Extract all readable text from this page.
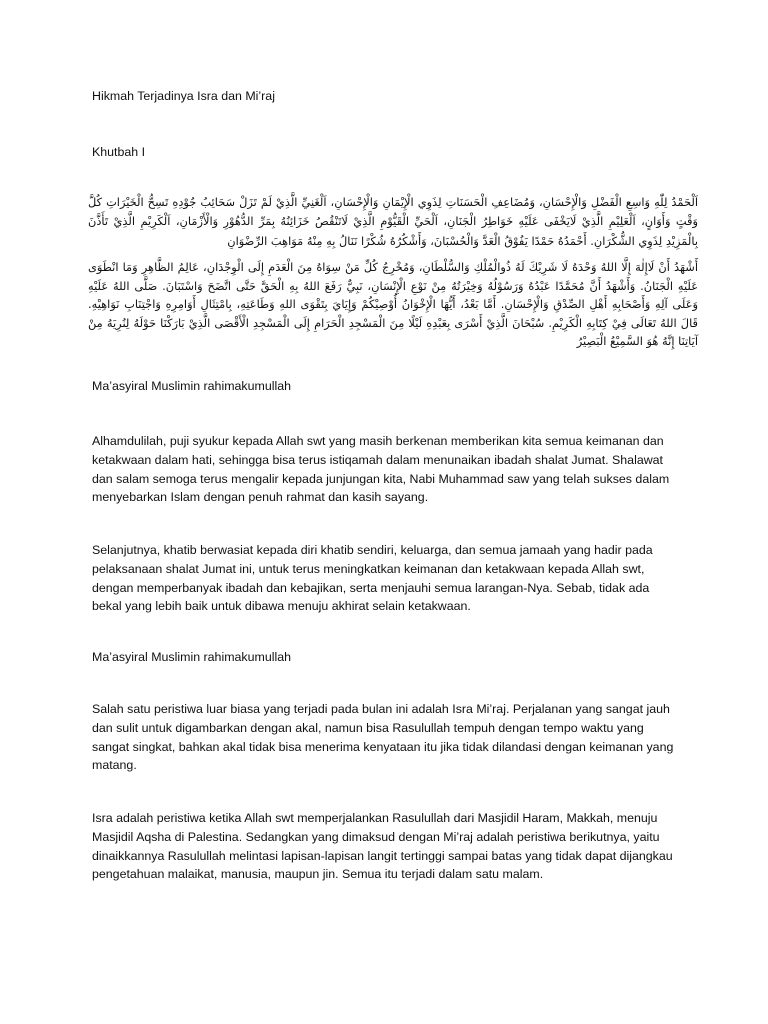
Hikmah Terjadinya Isra dan Mi’raj

Khutbah I

اَلْحَمْدُ لِلّٰهِ وَاسِعِ الْفَضْلِ وَالْإِحْسَانِ، وَمُضَاعِفِ الْحَسَنَاتِ لِذَوِي الْإِيْمَانِ وَالْإِحْسَانِ، اَلْغَنِيِّ الَّذِيْ لَمْ تَزَلْ سَحَائِبُ جُوْدِهِ تَسِحُّ الْخَيْرَاتِ كُلَّ وَقْتٍ وَأَوَانٍ، اَلْعَلِيْمِ الَّذِيْ لَايَخْفَى عَلَيْهِ خَوَاطِرُ الْجَنَانِ، اَلْحَيِّ الْقَيُّوْمِ الَّذِيْ لَاتَنْقُصُ خَزَائِنُهُ بِمَرِّ الدُّهُوْرِ وَالْأَزْمَانِ، اَلْكَرِيْمِ الَّذِيْ تَأَذَّنَ بِالْمَزِيْدِ لِذَوِي الشُّكْرَانِ. أَحْمَدُهُ حَمْدًا يَفُوْقُ الْعَدَّ وَالْحُسْبَانَ، وَأَشْكُرُهُ شُكْرًا نَنَالُ بِهِ مِنْهُ مَوَاهِبَ الرِّضْوَانِ

أَشْهَدُ أَنْ لَاإِلٰهَ إِلَّا اللهُ وَحْدَهُ لَا شَرِيْكَ لَهُ ذُوالْمُلْكِ وَالسُّلْطَانِ، وَمُخْرِجُ كُلِّ مَنْ سِوَاهُ مِنَ الْعَدَمِ إِلَى الْوِجْدَانِ، عَالِمُ الظَّاهِرِ وَمَا انْطَوَى عَلَيْهِ الْجَنَانُ. وَأَشْهَدُ أَنَّ مُحَمَّدًا عَبْدُهُ وَرَسُوْلُهُ وَخِيْرَتُهُ مِنْ نَوْعِ الْإِنْسَانِ، نَبِيٌّ رَفَعَ اللهُ بِهِ الْحَقَّ حَتَّى اتَّضَحَ وَاسْتَبَانَ. صَلَّى اللهُ عَلَيْهِ وَعَلَى آلِهِ وَأَصْحَابِهِ أَهْلِ الصِّدْقِ وَالْإِحْسَانِ. أَمَّا بَعْدُ، أَيُّهَا الْإِخْوَانُ أُوْصِيْكُمْ وَإِيَايَ بِتَقْوَى اللهِ وَطَاعَتِهِ، بِامْتِثَالِ أَوَامِرِهِ وَاجْتِنَابِ نَوَاهِيْهِ. قَالَ اللهُ تَعَالَى فِيْ كِتَابِهِ الْكَرِيْمِ. سُبْحَانَ الَّذِيْ أَسْرَى بِعَبْدِهِ لَيْلًا مِنَ الْمَسْجِدِ الْحَرَامِ إِلَى الْمَسْجِدِ الْأَقْصَى الَّذِيْ بَارَكْنَا حَوْلَهُ لِنُرِيَهُ مِنْ آيَاتِنَا إِنَّهُ هُوَ السَّمِيْعُ الْبَصِيْرُ

Ma’asyiral Muslimin rahimakumullah

Alhamdulilah, puji syukur kepada Allah swt yang masih berkenan memberikan kita semua keimanan dan ketakwaan dalam hati, sehingga bisa terus istiqamah dalam menunaikan ibadah shalat Jumat. Shalawat dan salam semoga terus mengalir kepada junjungan kita, Nabi Muhammad saw yang telah sukses dalam menyebarkan Islam dengan penuh rahmat dan kasih sayang.

Selanjutnya, khatib berwasiat kepada diri khatib sendiri, keluarga, dan semua jamaah yang hadir pada pelaksanaan shalat Jumat ini, untuk terus meningkatkan keimanan dan ketakwaan kepada Allah swt, dengan memperbanyak ibadah dan kebajikan, serta menjauhi semua larangan-Nya. Sebab, tidak ada bekal yang lebih baik untuk dibawa menuju akhirat selain ketakwaan.

Ma’asyiral Muslimin rahimakumullah

Salah satu peristiwa luar biasa yang terjadi pada bulan ini adalah Isra Mi’raj. Perjalanan yang sangat jauh dan sulit untuk digambarkan dengan akal, namun bisa Rasulullah tempuh dengan tempo waktu yang sangat singkat, bahkan akal tidak bisa menerima kenyataan itu jika tidak dilandasi dengan keimanan yang matang.

Isra adalah peristiwa ketika Allah swt memperjalankan Rasulullah dari Masjidil Haram, Makkah, menuju Masjidil Aqsha di Palestina. Sedangkan yang dimaksud dengan Mi’raj adalah peristiwa berikutnya, yaitu dinaikkannya Rasulullah melintasi lapisan-lapisan langit tertinggi sampai batas yang tidak dapat dijangkau pengetahuan malaikat, manusia, maupun jin. Semua itu terjadi dalam satu malam.
